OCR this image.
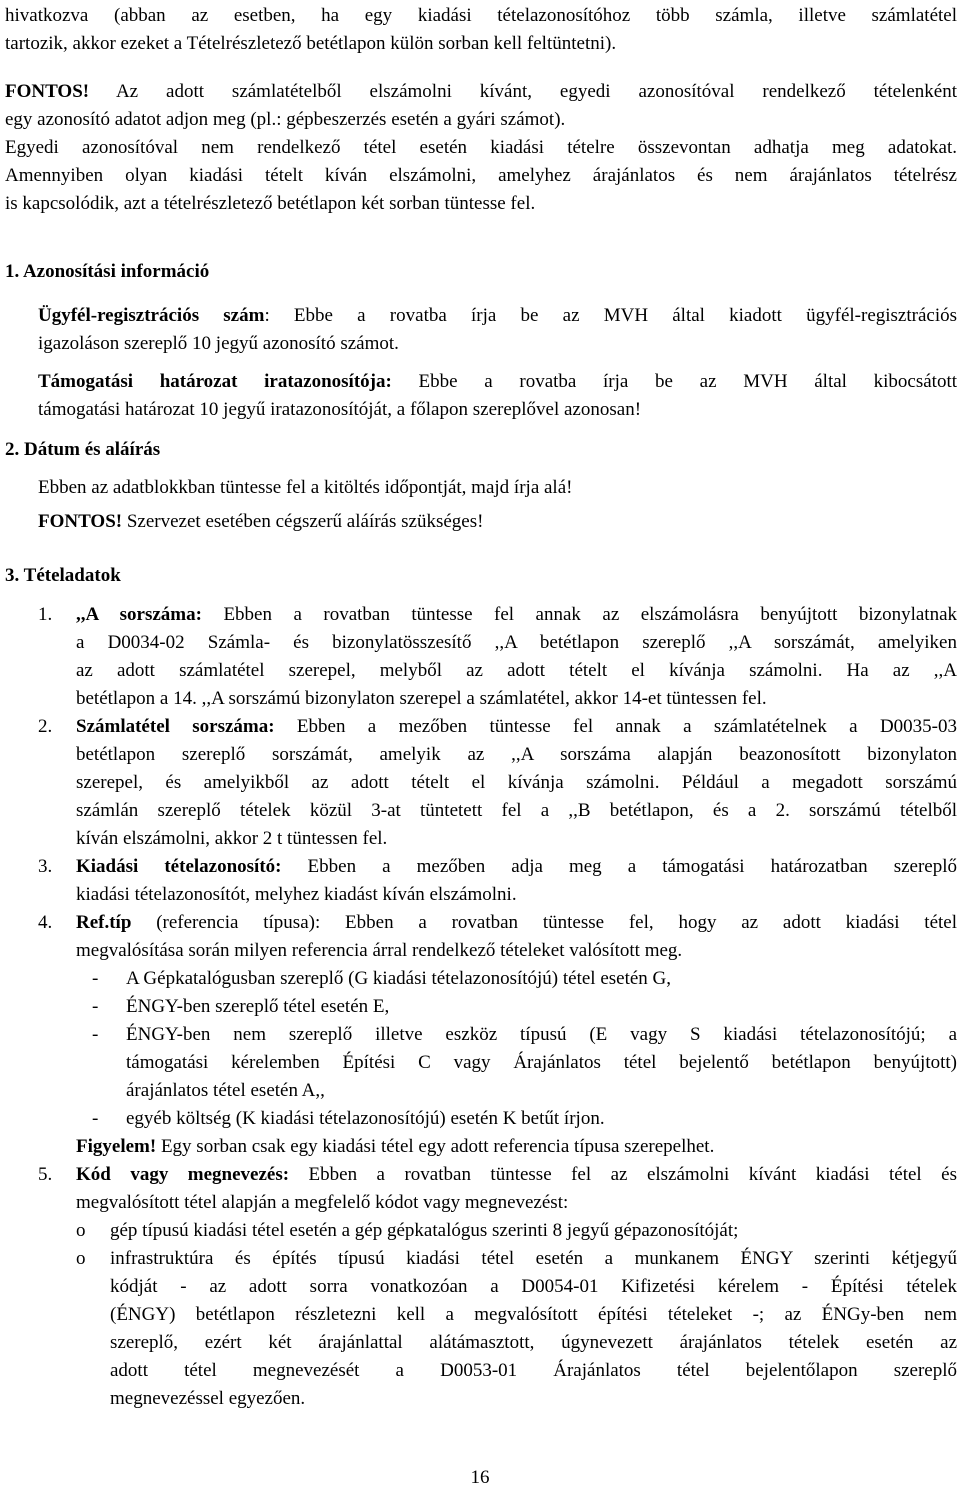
hivatkozva (abban az esetben, ha egy kiadási tételazonosítóhoz több számla, illetve számlatétel
tartozik, akkor ezeket a Tételrészletező betétlapon külön sorban kell feltüntetni).
FONTOS! Az adott számlatételből elszámolni kívánt, egyedi azonosítóval rendelkező tételenként
egy azonosító adatot adjon meg (pl.: gépbeszerzés esetén a gyári számot).
Egyedi azonosítóval nem rendelkező tétel esetén kiadási tételre összevontan adhatja meg adatokat.
Amennyiben olyan kiadási tételt kíván elszámolni, amelyhez árajánlatos és nem árajánlatos tételrész
is kapcsolódik, azt a tételrészletező betétlapon két sorban tüntesse fel.
1. Azonosítási információ
Ügyfél-regisztrációs szám: Ebbe a rovatba írja be az MVH által kiadott ügyfél-regisztrációs
igazoláson szereplő 10 jegyű azonosító számot.
Támogatási határozat iratazonosítója: Ebbe a rovatba írja be az MVH által kibocsátott
támogatási határozat 10 jegyű iratazonosítóját, a főlapon szereplővel azonosan!
2. Dátum és aláírás
Ebben az adatblokkban tüntesse fel a kitöltés időpontját, majd írja alá!
FONTOS! Szervezet esetében cégszerű aláírás szükséges!
3. Tételadatok
1.	,,A sorszáma: Ebben a rovatban tüntesse fel annak az elszámolásra benyújtott bizonylatnak
a D0034-02 Számla- és bizonylatösszesítő ,,A betétlapon szereplő ,,A sorszámát, amelyiken
az adott számlatétel szerepel, melyből az adott tételt el kívánja számolni. Ha az ,,A
betétlapon a 14. ,,A sorszámú bizonylaton szerepel a számlatétel, akkor 14-et tüntessen fel.
2.	Számlatétel sorszáma: Ebben a mezőben tüntesse fel annak a számlatételnek a D0035-03
betétlapon szereplő sorszámát, amelyik az ,,A sorszáma alapján beazonosított bizonylaton
szerepel, és amelyikből az adott tételt el kívánja számolni. Például a megadott sorszámú
számlán szereplő tételek közül 3-at tüntetett fel a ,,B betétlapon, és a 2. sorszámú tételből
kíván elszámolni, akkor 2 t tüntessen fel.
3.	Kiadási tételazonosító: Ebben a mezőben adja meg a támogatási határozatban szereplő
kiadási tételazonosítót, melyhez kiadást kíván elszámolni.
4.	Ref.típ (referencia típusa): Ebben a rovatban tüntesse fel, hogy az adott kiadási tétel
megvalósítása során milyen referencia árral rendelkező tételeket valósított meg.
- A Gépkatalógusban szereplő (G kiadási tételazonosítójú) tétel esetén G,
- ÉNGY-ben szereplő tétel esetén E,
- ÉNGY-ben nem szereplő illetve eszköz típusú (E vagy S kiadási tételazonosítójú; a
támogatási kérelemben Építési C vagy Árajánlatos tétel bejelentő betétlapon benyújtott)
árajánlatos tétel esetén A,,
- egyéb költség (K kiadási tételazonosítójú) esetén K betűt írjon.
Figyelem! Egy sorban csak egy kiadási tétel egy adott referencia típusa szerepelhet.
5.	Kód vagy megnevezés: Ebben a rovatban tüntesse fel az elszámolni kívánt kiadási tétel és
megvalósított tétel alapján a megfelelő kódot vagy megnevezést:
o gép típusú kiadási tétel esetén a gép gépkatalógus szerinti 8 jegyű gépazonosítóját;
o infrastruktúra és építés típusú kiadási tétel esetén a munkanem ÉNGY szerinti kétjegyű
kódját - az adott sorra vonatkozóan a D0054-01 Kifizetési kérelem - Építési tételek
(ÉNGY) betétlapon részletezni kell a megvalósított építési tételeket -; az ÉNGy-ben nem
szereplő, ezért két árajánlattal alátámasztott, úgynevezett árajánlatos tételek esetén az
adott tétel megnevezését a D0053-01 Árajánlatos tétel bejelentőlapon szereplő
megnevezéssel egyezően.
16
